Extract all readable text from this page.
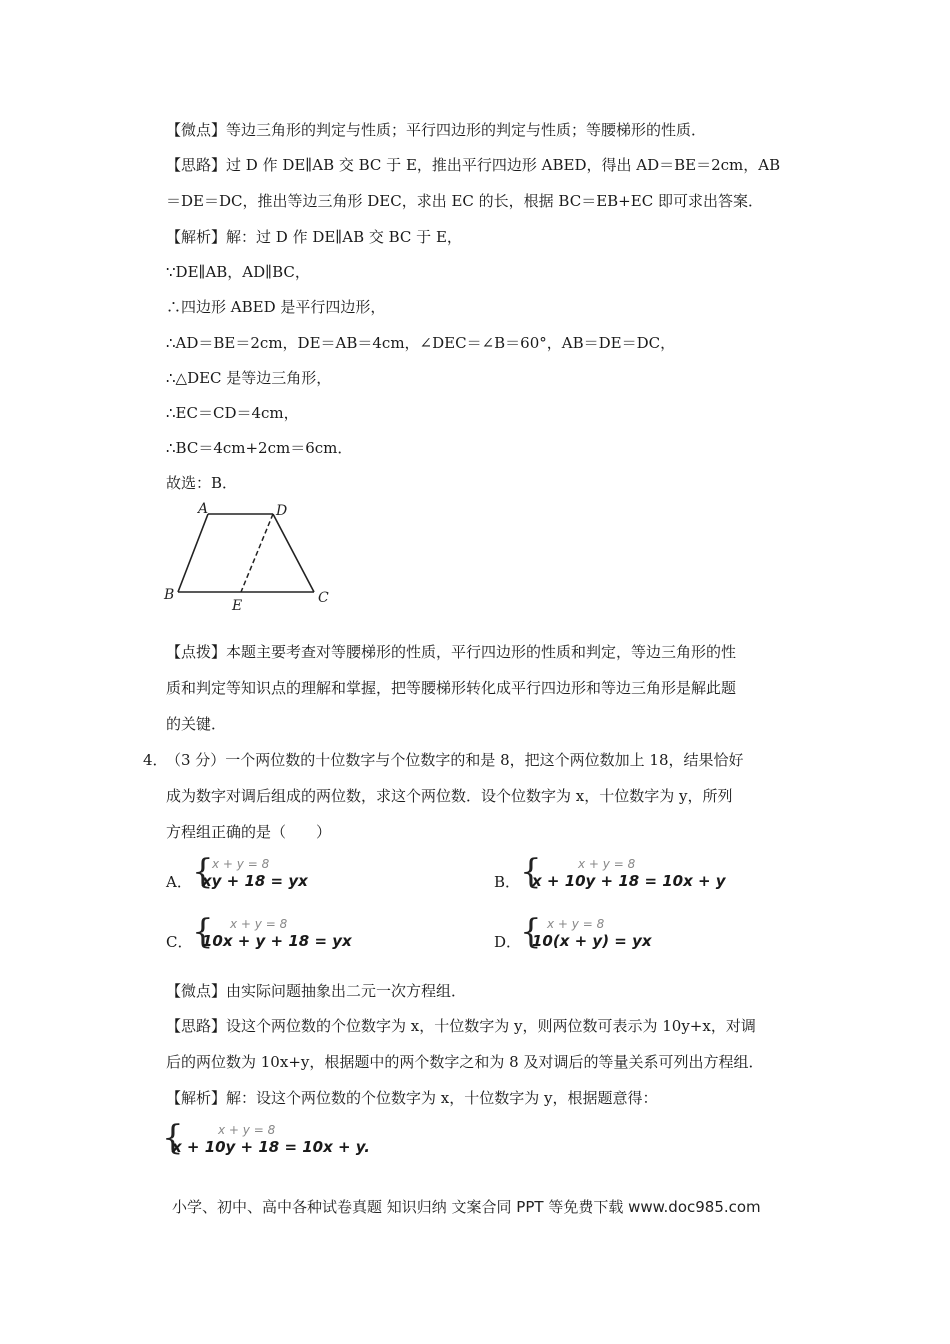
【微点】等边三角形的判定与性质；平行四边形的判定与性质；等腰梯形的性质．
【思路】过 D 作 DE∥AB 交 BC 于 E，推出平行四边形 ABED，得出 AD＝BE＝2cm，AB
＝DE＝DC，推出等边三角形 DEC，求出 EC 的长，根据 BC＝EB+EC 即可求出答案．
【解析】解：过 D 作 DE∥AB 交 BC 于 E，
∵DE∥AB，AD∥BC，
∴四边形 ABED 是平行四边形，
∴AD＝BE＝2cm，DE＝AB＝4cm，∠DEC＝∠B＝60°，AB＝DE＝DC，
∴△DEC 是等边三角形，
∴EC＝CD＝4cm，
∴BC＝4cm+2cm＝6cm．
故选：B．
A	D
B
E	C
【点拨】本题主要考查对等腰梯形的性质，平行四边形的性质和判定，等边三角形的性
质和判定等知识点的理解和掌握，把等腰梯形转化成平行四边形和等边三角形是解此题
的关键．
4．
（3 分）一个两位数的十位数字与个位数字的和是 8，把这个两位数加上 18，结果恰好
成为数字对调后组成的两位数，求这个两位数．设个位数字为 x，十位数字为 y，所列
方程组正确的是（　　）
A． {
x + y = 8
xy + 18 = yx	B． {	x + y = 8
x + 10y + 18 = 10x + y
C． { x + y = 8
10x + y + 18 = yx	D．
{ x + y = 8
10(x + y) = yx
【微点】由实际问题抽象出二元一次方程组．
【思路】设这个两位数的个位数字为 x，十位数字为 y，则两位数可表示为 10y+x，对调
后的两位数为 10x+y，根据题中的两个数字之和为 8 及对调后的等量关系可列出方程组．
【解析】解：设这个两位数的个位数字为 x，十位数字为 y，根据题意得：
{	x + y = 8
x + 10y + 18 = 10x + y.
小学、初中、高中各种试卷真题 知识归纳 文案合同 PPT 等免费下载 www.doc985.com
